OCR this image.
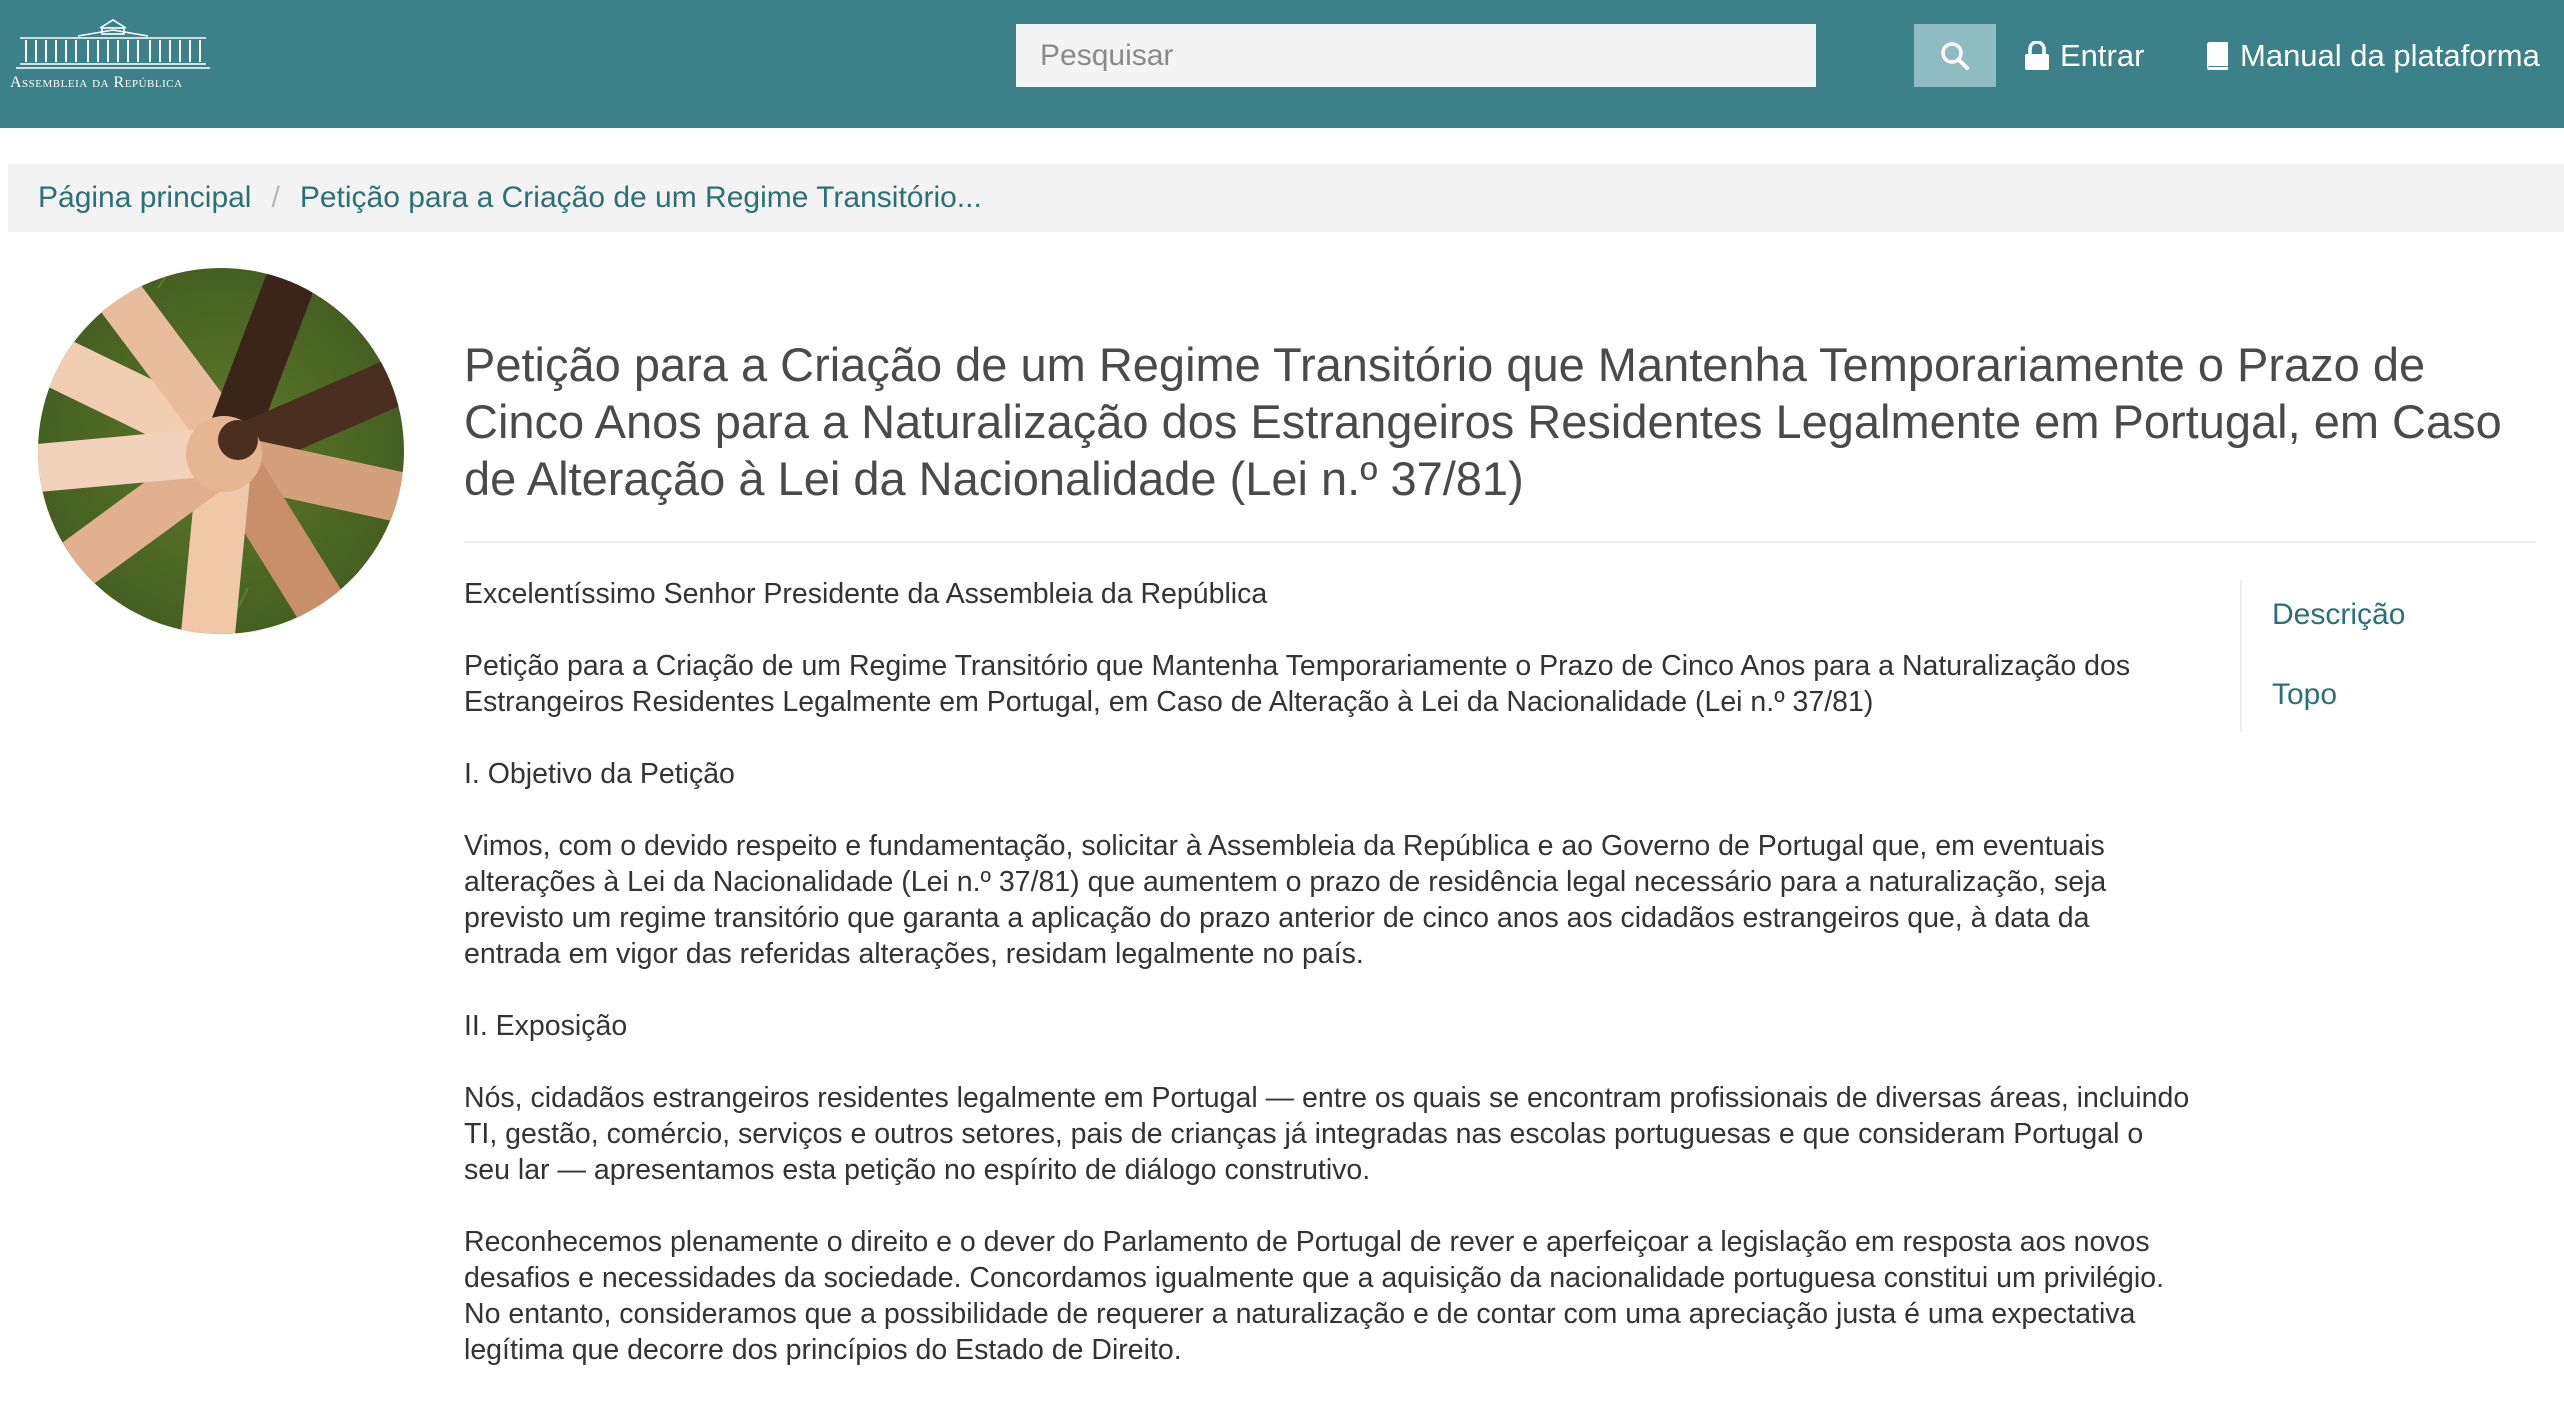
Assembleia da República
Pesquisar
Entrar	Manual da plataforma
Página principal / Petição para a Criação de um Regime Transitório...
Petição para a Criação de um Regime Transitório que Mantenha Temporariamente o Prazo de Cinco Anos para a Naturalização dos Estrangeiros Residentes Legalmente em Portugal, em Caso de Alteração à Lei da Nacionalidade (Lei n.º 37/81)

Excelentíssimo Senhor Presidente da Assembleia da República

Petição para a Criação de um Regime Transitório que Mantenha Temporariamente o Prazo de Cinco Anos para a Naturalização dos Estrangeiros Residentes Legalmente em Portugal, em Caso de Alteração à Lei da Nacionalidade (Lei n.º 37/81)

I. Objetivo da Petição

Vimos, com o devido respeito e fundamentação, solicitar à Assembleia da República e ao Governo de Portugal que, em eventuais alterações à Lei da Nacionalidade (Lei n.º 37/81) que aumentem o prazo de residência legal necessário para a naturalização, seja previsto um regime transitório que garanta a aplicação do prazo anterior de cinco anos aos cidadãos estrangeiros que, à data da entrada em vigor das referidas alterações, residam legalmente no país.

II. Exposição

Nós, cidadãos estrangeiros residentes legalmente em Portugal — entre os quais se encontram profissionais de diversas áreas, incluindo TI, gestão, comércio, serviços e outros setores, pais de crianças já integradas nas escolas portuguesas e que consideram Portugal o seu lar — apresentamos esta petição no espírito de diálogo construtivo.

Reconhecemos plenamente o direito e o dever do Parlamento de Portugal de rever e aperfeiçoar a legislação em resposta aos novos desafios e necessidades da sociedade. Concordamos igualmente que a aquisição da nacionalidade portuguesa constitui um privilégio. No entanto, consideramos que a possibilidade de requerer a naturalização e de contar com uma apreciação justa é uma expectativa legítima que decorre dos princípios do Estado de Direito.

Descrição
Topo
